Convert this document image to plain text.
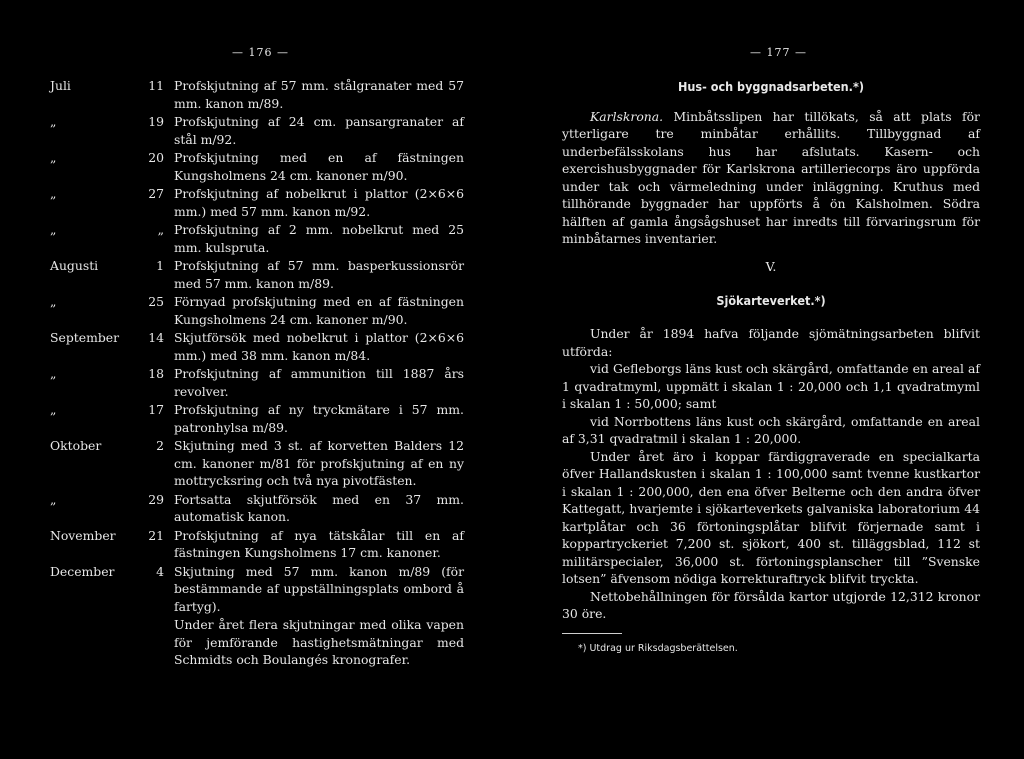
— 176 —
Juli	11 Profskjutning af 57 mm. stålgranater med 57 mm. kanon m/89.
„	19 Profskjutning af 24 cm. pansargranater af stål m/92.
„	20 Profskjutning med en af fästningen Kungsholmens 24 cm. kanoner m/90.
„	27 Profskjutning af nobelkrut i plattor (2×6×6 mm.) med 57 mm. kanon m/92.
„	„ Profskjutning af 2 mm. nobelkrut med 25 mm. kulspruta.
Augusti	1 Profskjutning af 57 mm. basperkussionsrör med 57 mm. kanon m/89.
„	25 Förnyad profskjutning med en af fästningen Kungsholmens 24 cm. kanoner m/90.
September	14 Skjutförsök med nobelkrut i plattor (2×6×6 mm.) med 38 mm. kanon m/84.
„	18 Profskjutning af ammunition till 1887 års revolver.
„	17 Profskjutning af ny tryckmätare i 57 mm. patronhylsa m/89.
Oktober	2 Skjutning med 3 st. af korvetten Balders 12 cm. kanoner m/81 för profskjutning af en ny mottrycksring och två nya pivotfästen.
„	29 Fortsatta skjutförsök med en 37 mm. automatisk kanon.
November	21 Profskjutning af nya tätskålar till en af fästningen Kungsholmens 17 cm. kanoner.
December	4 Skjutning med 57 mm. kanon m/89 (för bestämmande af uppställningsplats ombord å fartyg).
Under året flera skjutningar med olika vapen för jemförande hastighetsmätningar med Schmidts och Boulangés kronografer.
— 177 —
Hus- och byggnadsarbeten.*)

Karlskrona. Minbåtsslipen har tillökats, så att plats för ytterligare tre minbåtar erhållits. Tillbyggnad af underbefälsskolans hus har afslutats. Kasern- och exercishusbyggnader för Karlskrona artilleriecorps äro uppförda under tak och värmeledning under inläggning. Kruthus med tillhörande byggnader har uppförts å ön Kalsholmen. Södra hälften af gamla ångsågshuset har inredts till förvaringsrum för minbåtarnes inventarier.

V.
Sjökarteverket.*)

Under år 1894 hafva följande sjömätningsarbeten blifvit utförda:

vid Gefleborgs läns kust och skärgård, omfattande en areal af 1 qvadratmyml, uppmätt i skalan 1 : 20,000 och 1,1 qvadratmyml i skalan 1 : 50,000; samt

vid Norrbottens läns kust och skärgård, omfattande en areal af 3,31 qvadratmil i skalan 1 : 20,000.

Under året äro i koppar färdiggraverade en specialkarta öfver Hallandskusten i skalan 1 : 100,000 samt tvenne kustkartor i skalan 1 : 200,000, den ena öfver Belterne och den andra öfver Kattegatt, hvarjemte i sjökarteverkets galvaniska laboratorium 44 kartplåtar och 36 förtoningsplåtar blifvit förjernade samt i koppartryckeriet 7,200 st. sjökort, 400 st. tilläggsblad, 112 st militärspecialer, 36,000 st. förtoningsplanscher till ”Svenske lotsen” äfvensom nödiga korrekturaftryck blifvit tryckta.

Nettobehållningen för försålda kartor utgjorde 12,312 kronor 30 öre.

*) Utdrag ur Riksdagsberättelsen.
